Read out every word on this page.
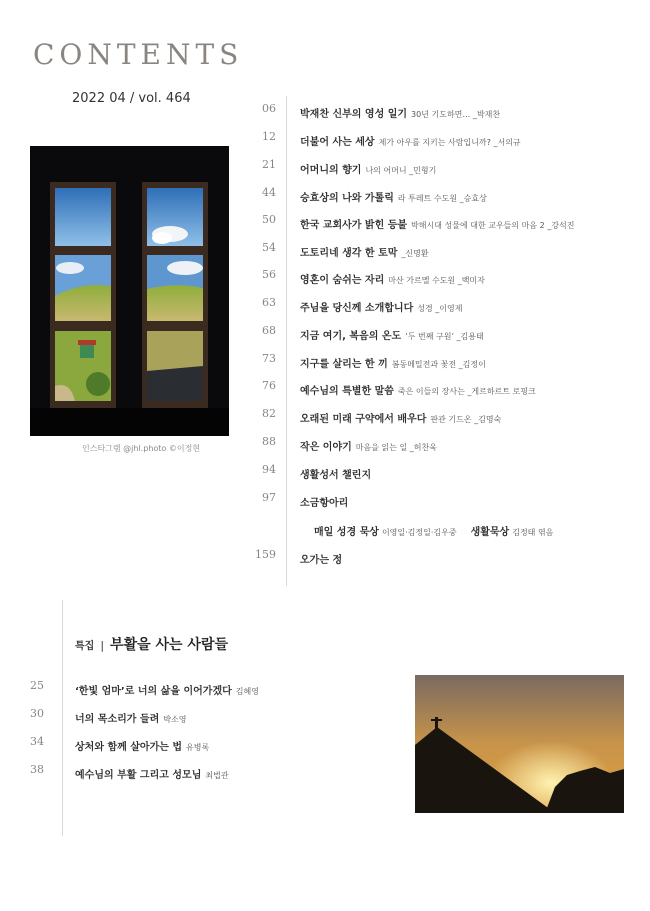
CONTENTS
2022 04 / vol. 464
인스타그램 @jhl.photo ©이정현
06 박재찬 신부의 영성 일기 30년 기도하면… _박재찬
12 더불어 사는 세상 제가 아우를 지키는 사람입니까? _서의규
21 어머니의 향기 나의 어머니 _민형기
44 승효상의 나와 가톨릭 라 투레트 수도원 _승효상
50 한국 교회사가 밝힌 등불 박해시대 성물에 대한 교우들의 마음 2 _강석진
54 도토리네 생각 한 토막 _신명환
56 영혼이 숨쉬는 자리 마산 가르멜 수도원 _백미자
63 주님을 당신께 소개합니다 성경 _이영제
68 지금 여기, 복음의 온도 ‘두 번째 구원’ _김용태
73 지구를 살리는 한 끼 봄동메밀전과 꽃전 _김정이
76 예수님의 특별한 말씀 죽은 이들의 장사는 _게르하르트 로핑크
82 오래된 미래 구약에서 배우다 판관 기드온 _김명숙
88 작은 이야기 마음을 읽는 일 _허찬욱
94 생활성서 챌린지
97 소금항아리
매일 성경 묵상 이영일·김정일·김우중 생활묵상 김정태 엮음
159 오가는 정
특집 | 부활을 사는 사람들
25	‘한빛 엄마’로 너의 삶을 이어가겠다 김혜영
30	너의 목소리가 들려 박소영
34	상처와 함께 살아가는 법 유병록
38	예수님의 부활 그리고 성모님 최법관
